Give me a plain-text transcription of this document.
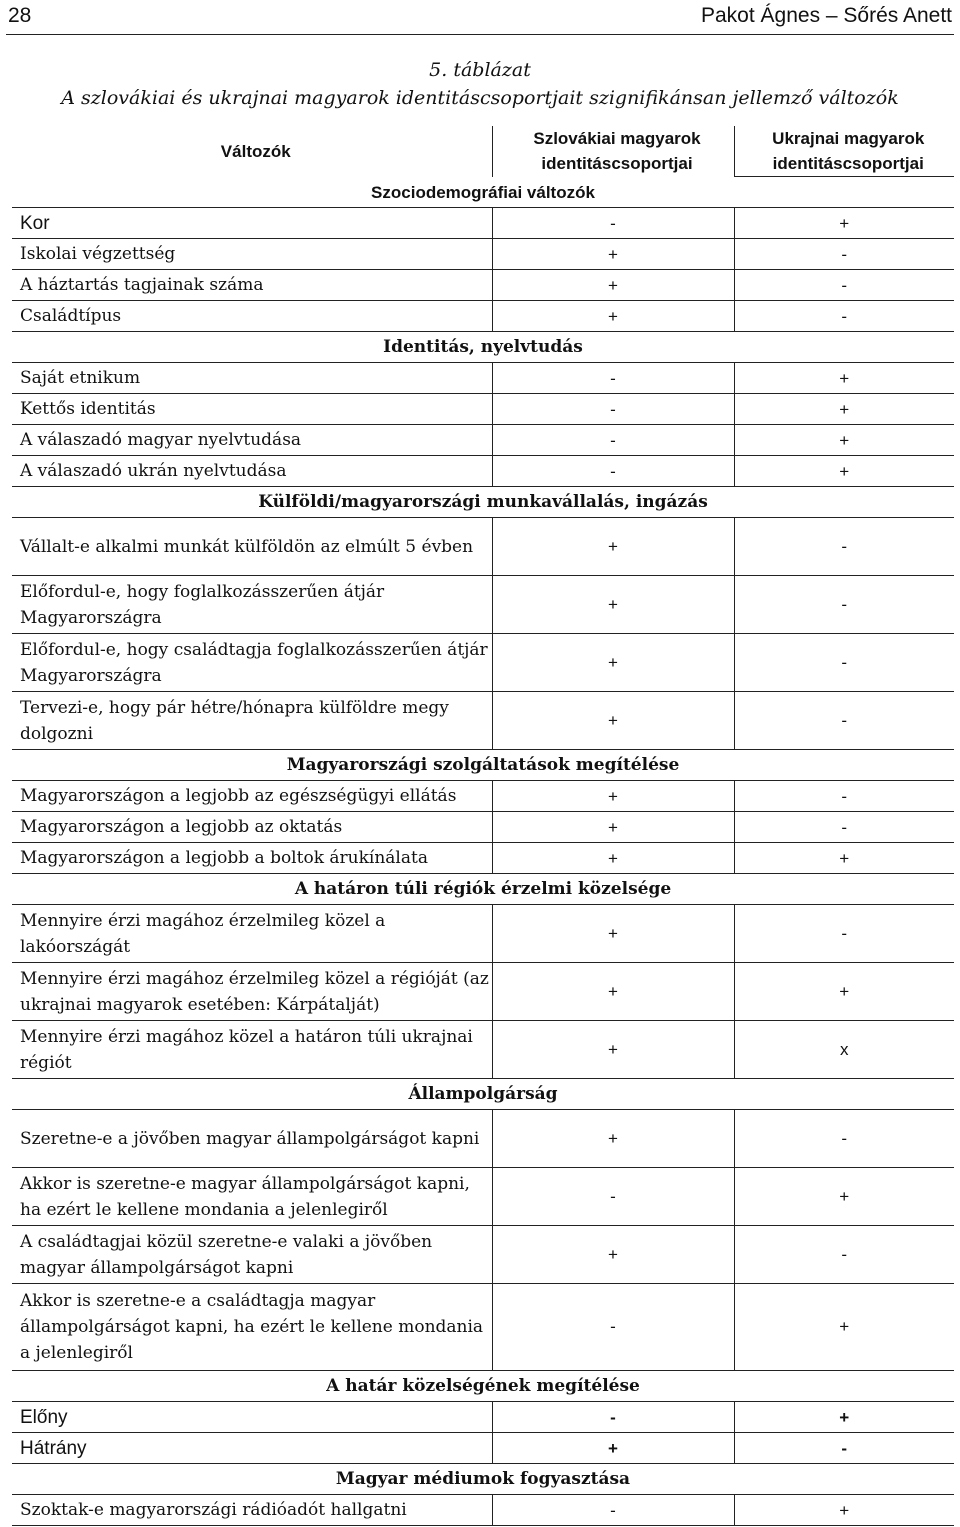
28	Pakot Ágnes – Sőrés Anett
5. táblázat
A szlovákiai és ukrajnai magyarok identitáscsoportjait szignifikánsan jellemző változók
Változók	Szlovákiai magyarok identitáscsoportjai	Ukrajnai magyarok identitáscsoportjai
Szociodemográfiai változók		
Kor	-	+
Iskolai végzettség	+	-
A háztartás tagjainak száma	+	-
Családtípus	+	-
Identitás, nyelvtudás		
Saját etnikum	-	+
Kettős identitás	-	+
A válaszadó magyar nyelvtudása	-	+
A válaszadó ukrán nyelvtudása	-	+
Külföldi/magyarországi munkavállalás, ingázás		
Vállalt-e alkalmi munkát külföldön az elmúlt 5 évben	+	-
Előfordul-e, hogy foglalkozásszerűen átjár Magyarországra	+	-
Előfordul-e, hogy családtagja foglalkozásszerűen átjár Magyarországra	+	-
Tervezi-e, hogy pár hétre/hónapra külföldre megy dolgozni	+	-
Magyarországi szolgáltatások megítélése		
Magyarországon a legjobb az egészségügyi ellátás	+	-
Magyarországon a legjobb az oktatás	+	-
Magyarországon a legjobb a boltok árukínálata	+	+
A határon túli régiók érzelmi közelsége		
Mennyire érzi magához érzelmileg közel a lakóországát	+	-
Mennyire érzi magához érzelmileg közel a régióját (az ukrajnai magyarok esetében: Kárpátalját)	+	+
Mennyire érzi magához közel a határon túli ukrajnai régiót	+	x
Állampolgárság		
Szeretne-e a jövőben magyar állampolgárságot kapni	+	-
Akkor is szeretne-e magyar állampolgárságot kapni, ha ezért le kellene mondania a jelenlegiről	-	+
A családtagjai közül szeretne-e valaki a jövőben magyar állampolgárságot kapni	+	-
Akkor is szeretne-e a családtagja magyar állampolgárságot kapni, ha ezért le kellene mondania a jelenlegiről	-	+
A határ közelségének megítélése		
Előny	-	+
Hátrány	+	-
Magyar médiumok fogyasztása		
Szoktak-e magyarországi rádióadót hallgatni	-	+
